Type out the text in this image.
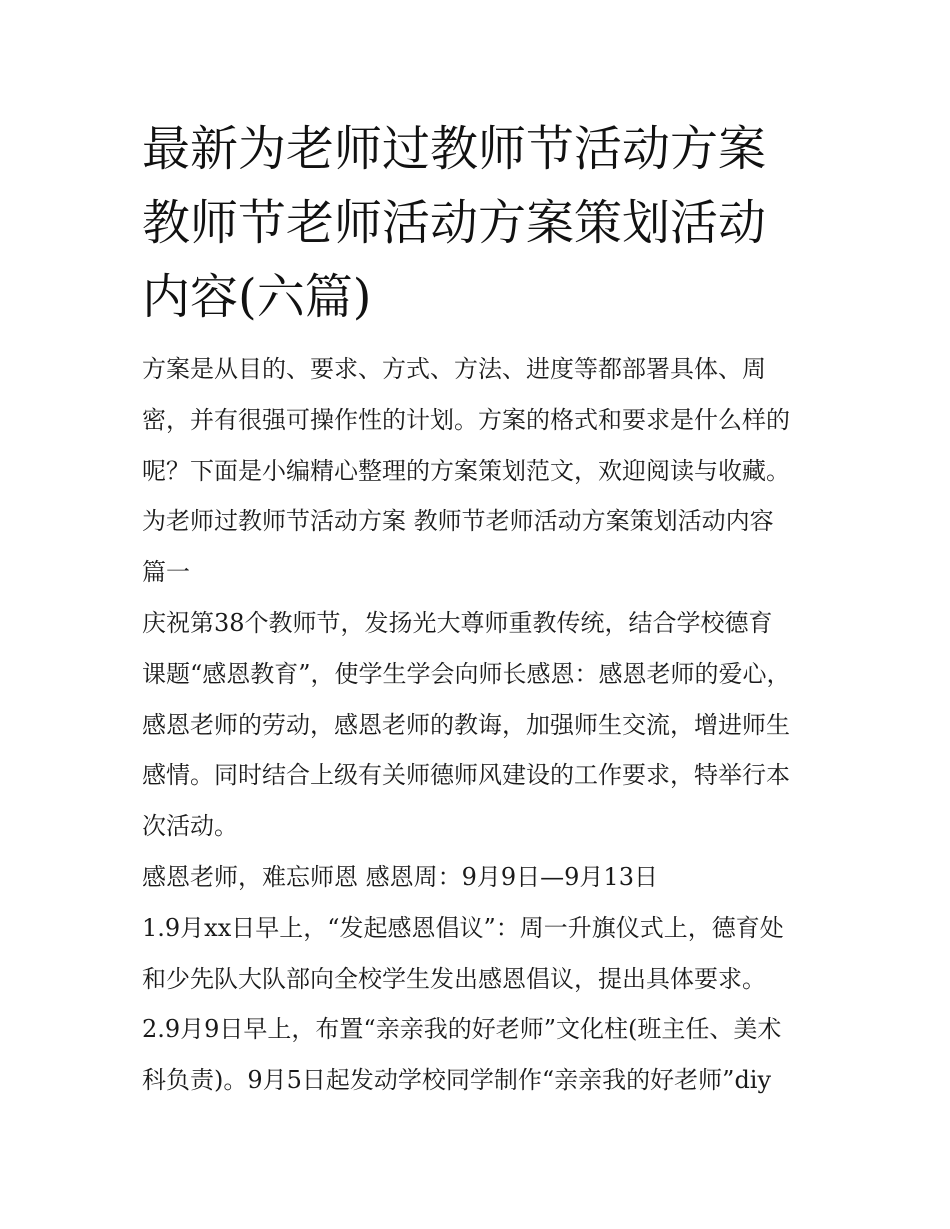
最新为老师过教师节活动方案
教师节老师活动方案策划活动
内容(六篇)
方案是从目的、要求、方式、方法、进度等都部署具体、周
密，并有很强可操作性的计划。方案的格式和要求是什么样的
呢？下面是小编精心整理的方案策划范文，欢迎阅读与收藏。
为老师过教师节活动方案 教师节老师活动方案策划活动内容
篇一
庆祝第38个教师节，发扬光大尊师重教传统，结合学校德育
课题“感恩教育”，使学生学会向师长感恩：感恩老师的爱心，
感恩老师的劳动，感恩老师的教诲，加强师生交流，增进师生
感情。同时结合上级有关师德师风建设的工作要求，特举行本
次活动。
感恩老师，难忘师恩 感恩周：9月9日—9月13日
1.9月xx日早上，“发起感恩倡议”：周一升旗仪式上，德育处
和少先队大队部向全校学生发出感恩倡议，提出具体要求。
2.9月9日早上，布置“亲亲我的好老师”文化柱(班主任、美术
科负责)。9月5日起发动学校同学制作“亲亲我的好老师”diy
